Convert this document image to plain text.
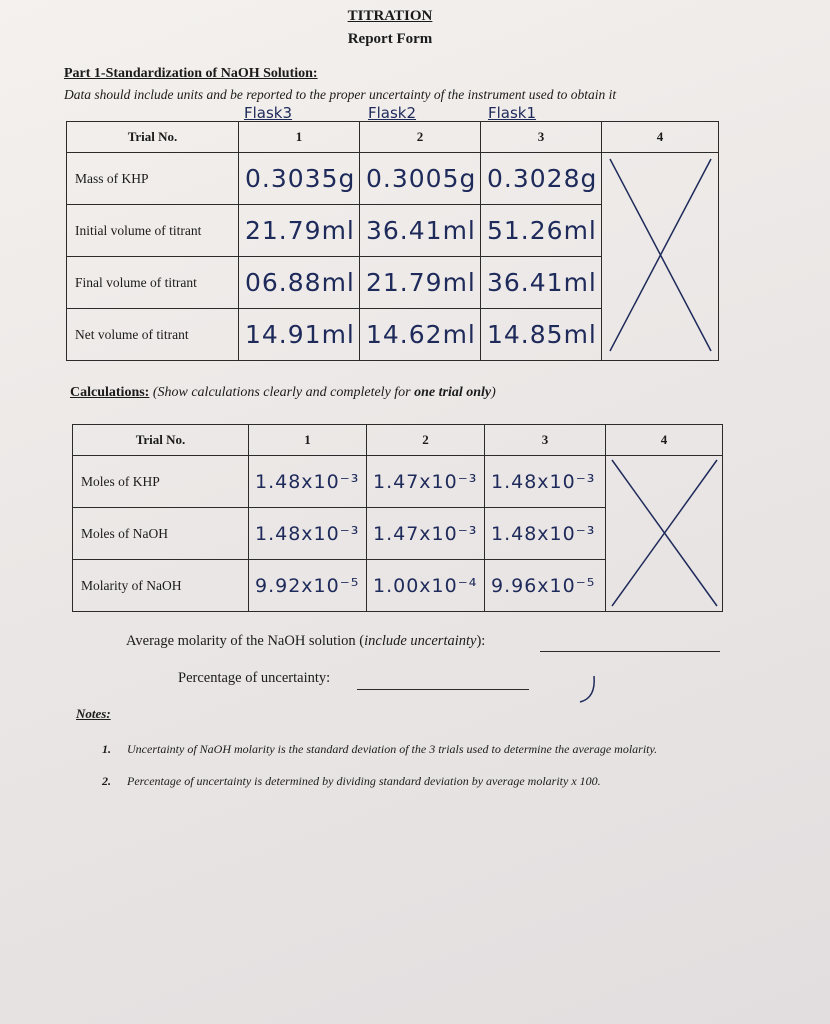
TITRATION
Report Form
Part 1-Standardization of NaOH Solution:
Data should include units and be reported to the proper uncertainty of the instrument used to obtain it
Flask3	Flask2	Flask1
Trial No.	1	2	3	4
Mass of KHP	0.3035g	0.3005g	0.3028g	

Initial volume of titrant	21.79ml	36.41ml	51.26ml	
Final volume of titrant	06.88ml	21.79ml	36.41ml	
Net volume of titrant	14.91ml	14.62ml	14.85ml	
Calculations: (Show calculations clearly and completely for one trial only)
Trial No.	1	2	3	4
Moles of KHP	1.48x10⁻³	1.47x10⁻³	1.48x10⁻³	

Moles of NaOH	1.48x10⁻³	1.47x10⁻³	1.48x10⁻³	
Molarity of NaOH	9.92x10⁻⁵	1.00x10⁻⁴	9.96x10⁻⁵	
Average molarity of the NaOH solution (include uncertainty):
Percentage of uncertainty:
Notes:
1. Uncertainty of NaOH molarity is the standard deviation of the 3 trials used to determine the average molarity.
2. Percentage of uncertainty is determined by dividing standard deviation by average molarity x 100.
